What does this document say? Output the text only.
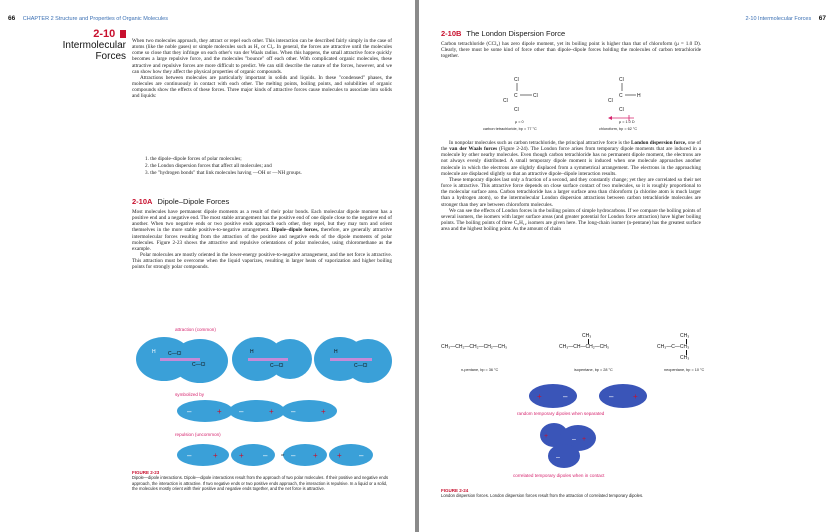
66 CHAPTER 2 Structure and Properties of Organic Molecules
2-10
Intermolecular
Forces

When two molecules approach, they attract or repel each other. This interaction can be described fairly simply in the case of atoms (like the noble gases) or simple molecules such as H₂ or Cl₂. In general, the forces are attractive until the molecules come so close that they infringe on each other's van der Waals radius. When this happens, the small attractive force quickly becomes a large repulsive force, and the molecules "bounce" off each other. With complicated organic molecules, these attractive and repulsive forces are more difficult to predict. We can still describe the nature of the forces, however, and we can show how they affect the physical properties of organic compounds.

Attractions between molecules are particularly important in solids and liquids. In these "condensed" phases, the molecules are continuously in contact with each other. The melting points, boiling points, and solubilities of organic compounds show the effects of these forces. Three major kinds of attractive forces cause molecules to associate into solids and liquids:

1. the dipole–dipole forces of polar molecules;
2. the London dispersion forces that affect all molecules; and
3. the "hydrogen bonds" that link molecules having —OH or —NH groups.
2-10A Dipole–Dipole Forces

Most molecules have permanent dipole moments as a result of their polar bonds. Each molecular dipole moment has a positive end and a negative end. The most stable arrangement has the positive end of one dipole close to the negative end of another. When two negative ends or two positive ends approach each other, they repel, but they may turn and orient themselves in the more stable positive-to-negative arrangement. Dipole–dipole forces, therefore, are generally attractive intermolecular forces resulting from the attraction of the positive and negative ends of the dipole moments of polar molecules. Figure 2-23 shows the attractive and repulsive orientations of polar molecules, using chloromethane as the example.

Polar molecules are mostly oriented in the lower-energy positive-to-negative arrangement, and the net force is attractive. This attraction must be overcome when the liquid vaporizes, resulting in larger heats of vaporization and higher boiling points for strongly polar compounds.

attraction (common)
H C—Cl
C—Cl
H
C—Cl
H
C—Cl
symbolized by
–	+ –	+ –	+
repulsion (uncommon)
–	+	+ –	– + + –
or
FIGURE 2-23
Dipole—dipole interactions. Dipole—dipole interactions result from the approach of two polar molecules. If their positive and negative ends approach, the interaction is attractive. If two negative ends or two positive ends approach, the interaction is repulsive. In a liquid or a solid, the molecules mostly orient with their positive and negative ends together, and the net force is attractive.
2-10 Intermolecular Forces 67
2-10B The London Dispersion Force

Carbon tetrachloride (CCl₄) has zero dipole moment, yet its boiling point is higher than that of chloroform (μ = 1.0 D). Clearly, there must be some kind of force other than dipole–dipole forces holding the molecules of carbon tetrachloride together.

Cl
C	Cl
Cl
Cl
Cl
C	H
Cl
Cl
μ = 0
carbon tetrachloride, bp = 77 °C
μ = 1.0 D
chloroform, bp = 62 °C

In nonpolar molecules such as carbon tetrachloride, the principal attractive force is the London dispersion force, one of the van der Waals forces (Figure 2-24). The London force arises from temporary dipole moments that are induced in a molecule by other nearby molecules. Even though carbon tetrachloride has no permanent dipole moment, the electrons are not always evenly distributed. A small temporary dipole moment is induced when one molecule approaches another molecule in which the electrons are slightly displaced from a symmetrical arrangement. The electrons in the approaching molecule are displaced slightly so that an attractive dipole–dipole interaction results.

These temporary dipoles last only a fraction of a second, and they constantly change; yet they are correlated so their net force is attractive. This attractive force depends on close surface contact of two molecules, so it is roughly proportional to the molecular surface area. Carbon tetrachloride has a larger surface area than chloroform (a chlorine atom is much larger than a hydrogen atom), so the intermolecular London dispersion attractions between carbon tetrachloride molecules are stronger than they are between chloroform molecules.

We can see the effects of London forces in the boiling points of simple hydrocarbons. If we compare the boiling points of several isomers, the isomers with larger surface areas (and greater potential for London force attraction) have higher boiling points. The boiling points of three C₅H₁₂ isomers are given here. The long-chain isomer (n-pentane) has the greatest surface area and the highest boiling point. As the amount of chain

CH₃—CH₂—CH₂—CH₂—CH₃
n-pentane, bp = 36 °C
CH₃
CH₃—CH—CH₂—CH₃
isopentane, bp = 28 °C
CH₃
CH₃—C—CH₃
CH₃
neopentane, bp = 10 °C
+	–	– +
random temporary dipoles when separated
+	– +
–
correlated temporary dipoles when in contact
FIGURE 2-24
London dispersion forces. London dispersion forces result from the attraction of correlated temporary dipoles.
